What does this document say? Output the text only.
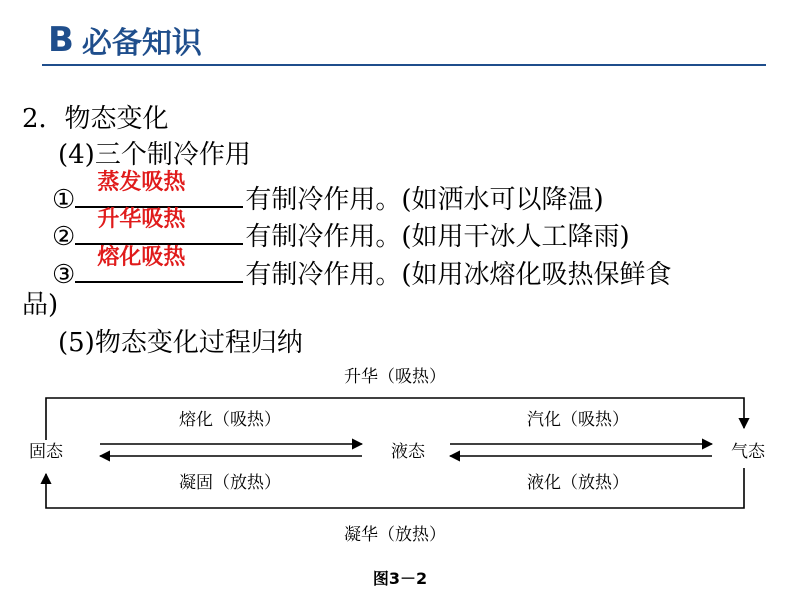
B 必备知识
2．物态变化
(4)三个制冷作用
①
蒸发吸热
有制冷作用。(如洒水可以降温)
②
升华吸热
有制冷作用。(如用干冰人工降雨)
③
熔化吸热
有制冷作用。(如用冰熔化吸热保鲜食
品)
(5)物态变化过程归纳
固态	液态	气态
升华（吸热）
熔化（吸热）	汽化（吸热）
凝固（放热）	液化（放热）
凝华（放热）
图3－2
